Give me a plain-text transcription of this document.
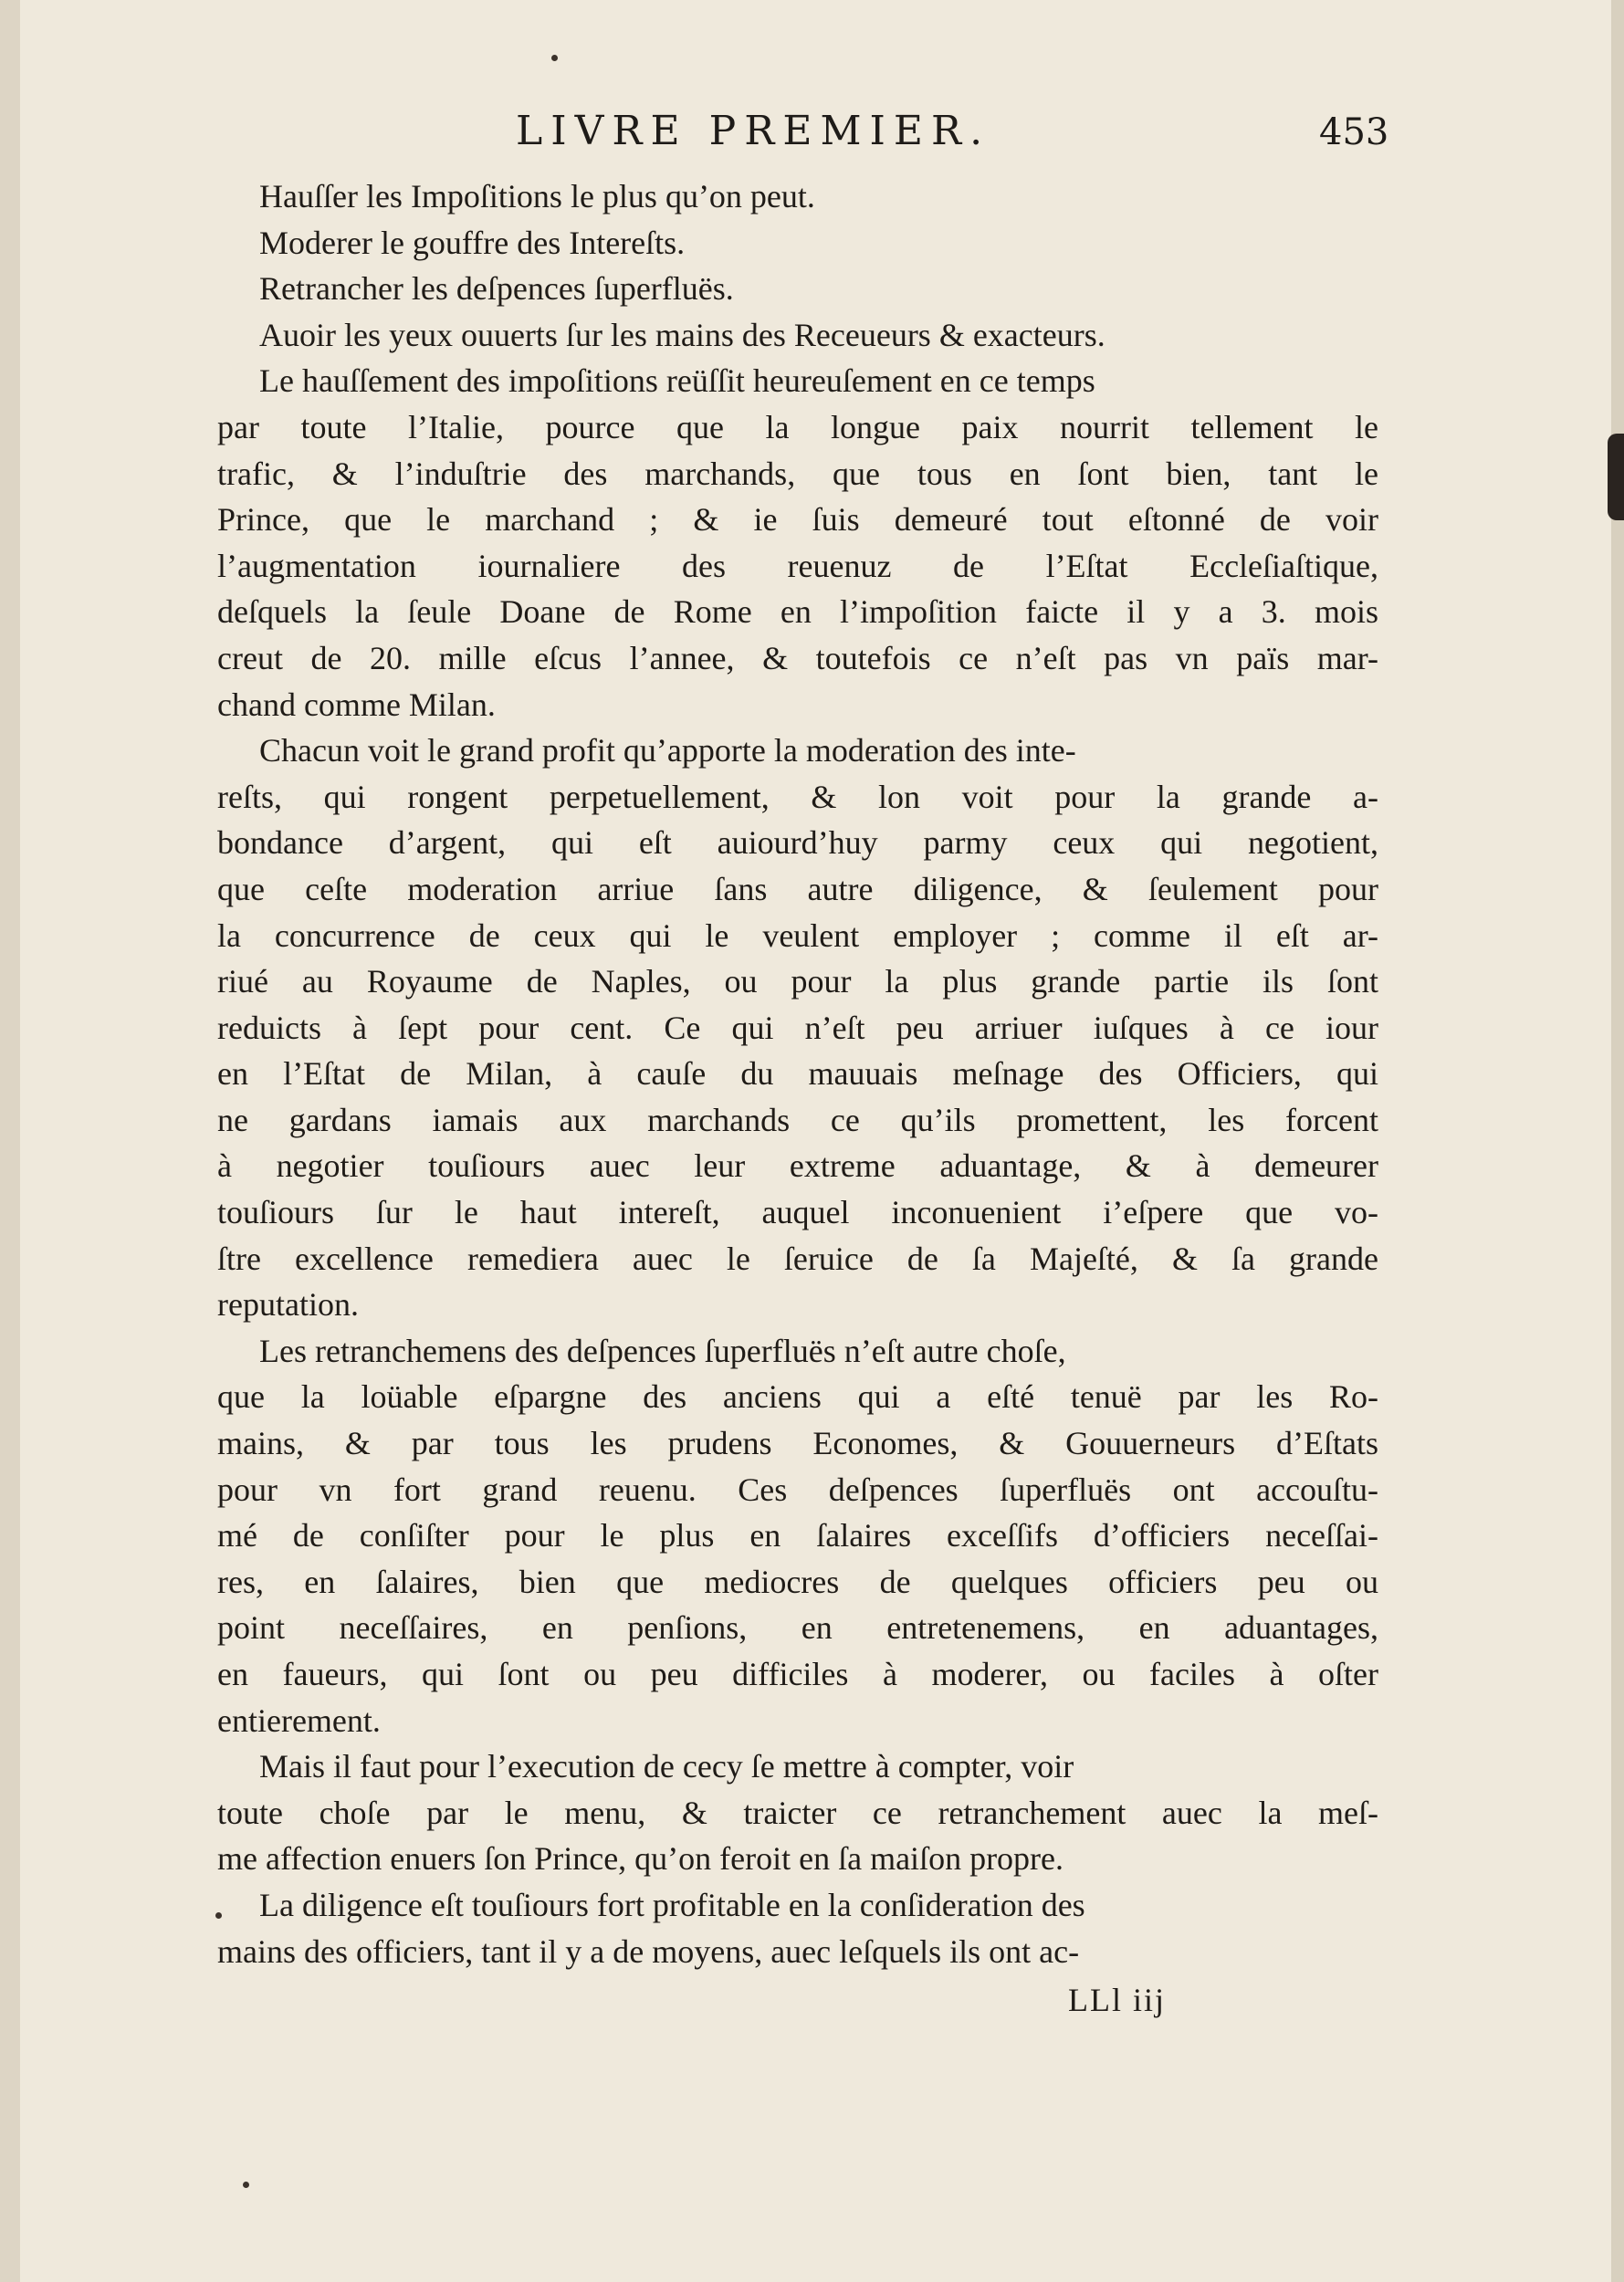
LIVRE PREMIER.	453
Hauſſer les Impoſitions le plus qu’on peut.
Moderer le gouffre des Intereſts.
Retrancher les deſpences ſuperfluës.
Auoir les yeux ouuerts ſur les mains des Receueurs & exacteurs.
Le hauſſement des impoſitions reüſſit heureuſement en ce temps
par toute l’Italie, pource que la longue paix nourrit tellement le
trafic, & l’induſtrie des marchands, que tous en ſont bien, tant le
Prince, que le marchand ; & ie ſuis demeuré tout eſtonné de voir
l’augmentation iournaliere des reuenuz de l’Eſtat Eccleſiaſtique,
deſquels la ſeule Doane de Rome en l’impoſition faicte il y a 3. mois
creut de 20. mille eſcus l’annee, & toutefois ce n’eſt pas vn païs mar-
chand comme Milan.
Chacun voit le grand profit qu’apporte la moderation des inte-
reſts, qui rongent perpetuellement, & lon voit pour la grande a-
bondance d’argent, qui eſt auiourd’huy parmy ceux qui negotient,
que ceſte moderation arriue ſans autre diligence, & ſeulement pour
la concurrence de ceux qui le veulent employer ; comme il eſt ar-
riué au Royaume de Naples, ou pour la plus grande partie ils ſont
reduicts à ſept pour cent. Ce qui n’eſt peu arriuer iuſques à ce iour
en l’Eſtat de Milan, à cauſe du mauuais meſnage des Officiers, qui
ne gardans iamais aux marchands ce qu’ils promettent, les forcent
à negotier touſiours auec leur extreme aduantage, & à demeurer
touſiours ſur le haut intereſt, auquel inconuenient i’eſpere que vo-
ſtre excellence remediera auec le ſeruice de ſa Majeſté, & ſa grande
reputation.
Les retranchemens des deſpences ſuperfluës n’eſt autre choſe,
que la loüable eſpargne des anciens qui a eſté tenuë par les Ro-
mains, & par tous les prudens Economes, & Gouuerneurs d’Eſtats
pour vn fort grand reuenu. Ces deſpences ſuperfluës ont accouſtu-
mé de conſiſter pour le plus en ſalaires exceſſifs d’officiers neceſſai-
res, en ſalaires, bien que mediocres de quelques officiers peu ou
point neceſſaires, en penſions, en entretenemens, en aduantages,
en faueurs, qui ſont ou peu difficiles à moderer, ou faciles à oſter
entierement.
Mais il faut pour l’execution de cecy ſe mettre à compter, voir
toute choſe par le menu, & traicter ce retranchement auec la meſ-
me affection enuers ſon Prince, qu’on feroit en ſa maiſon propre.
La diligence eſt touſiours fort profitable en la conſideration des
mains des officiers, tant il y a de moyens, auec leſquels ils ont ac-
LLl iij
